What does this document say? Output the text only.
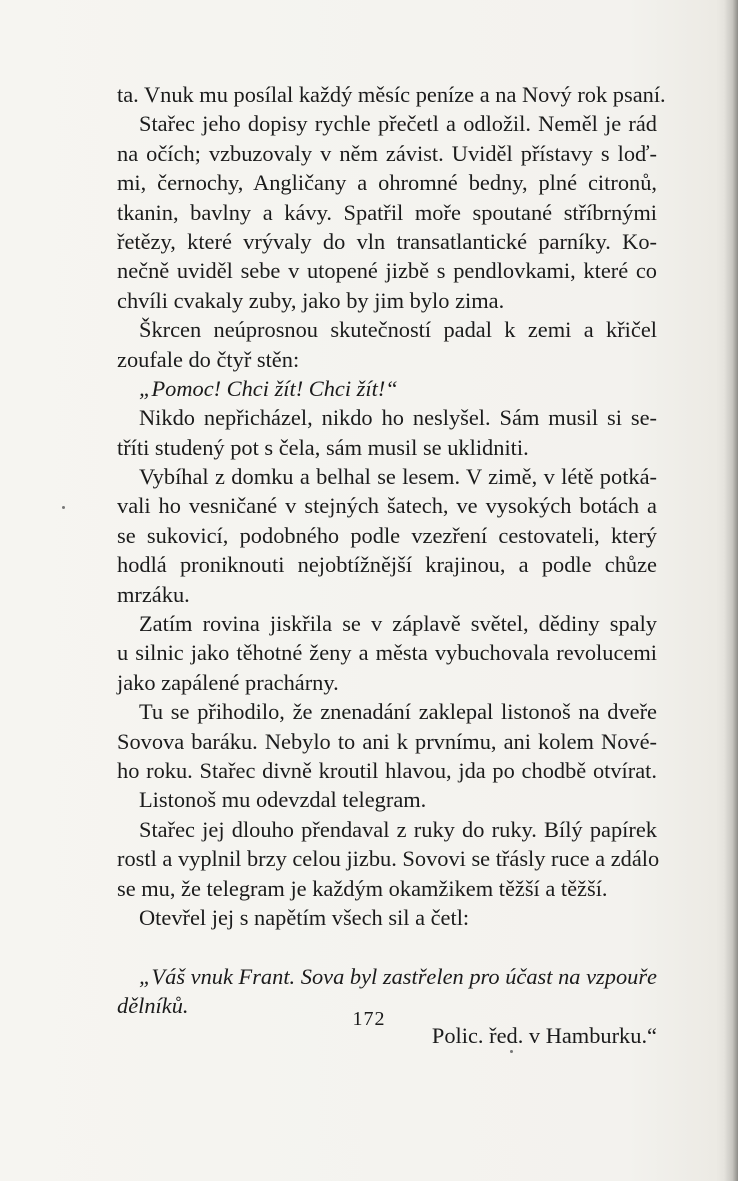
ta. Vnuk mu posílal každý měsíc peníze a na Nový rok psaní.
Stařec jeho dopisy rychle přečetl a odložil. Neměl je rád
na očích; vzbuzovaly v něm závist. Uviděl přístavy s loď-
mi, černochy, Angličany a ohromné bedny, plné citronů,
tkanin, bavlny a kávy. Spatřil moře spoutané stříbrnými
řetězy, které vrývaly do vln transatlantické parníky. Ko-
nečně uviděl sebe v utopené jizbě s pendlovkami, které co
chvíli cvakaly zuby, jako by jim bylo zima.
Škrcen neúprosnou skutečností padal k zemi a křičel
zoufale do čtyř stěn:
„Pomoc! Chci žít! Chci žít!“
Nikdo nepřicházel, nikdo ho neslyšel. Sám musil si se-
tříti studený pot s čela, sám musil se uklidniti.
Vybíhal z domku a belhal se lesem. V zimě, v létě potká-
vali ho vesničané v stejných šatech, ve vysokých botách a
se sukovicí, podobného podle vzezření cestovateli, který
hodlá proniknouti nejobtížnější krajinou, a podle chůze
mrzáku.
Zatím rovina jiskřila se v záplavě světel, dědiny spaly
u silnic jako těhotné ženy a města vybuchovala revolucemi
jako zapálené prachárny.
Tu se přihodilo, že znenadání zaklepal listonoš na dveře
Sovova baráku. Nebylo to ani k prvnímu, ani kolem Nové-
ho roku. Stařec divně kroutil hlavou, jda po chodbě otvírat.
Listonoš mu odevzdal telegram.
Stařec jej dlouho přendaval z ruky do ruky. Bílý papírek
rostl a vyplnil brzy celou jizbu. Sovovi se třásly ruce a zdálo
se mu, že telegram je každým okamžikem těžší a těžší.
Otevřel jej s napětím všech sil a četl:
„Váš vnuk Frant. Sova byl zastřelen pro účast na vzpouře
dělníků.
Polic. řed. v Hamburku.“
172
